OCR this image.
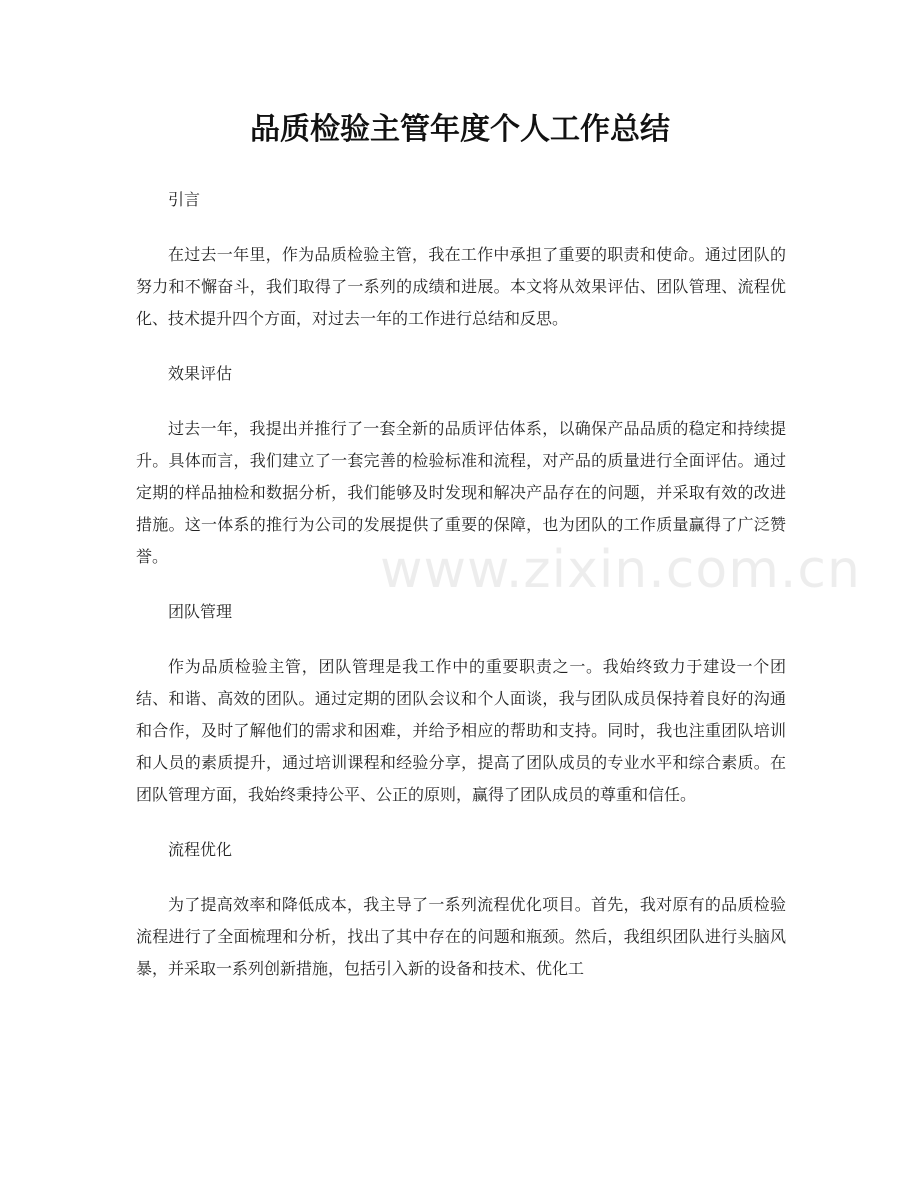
品质检验主管年度个人工作总结

引言

在过去一年里，作为品质检验主管，我在工作中承担了重要的职责和使命。通过团队的努力和不懈奋斗，我们取得了一系列的成绩和进展。本文将从效果评估、团队管理、流程优化、技术提升四个方面，对过去一年的工作进行总结和反思。

效果评估

过去一年，我提出并推行了一套全新的品质评估体系，以确保产品品质的稳定和持续提升。具体而言，我们建立了一套完善的检验标准和流程，对产品的质量进行全面评估。通过定期的样品抽检和数据分析，我们能够及时发现和解决产品存在的问题，并采取有效的改进措施。这一体系的推行为公司的发展提供了重要的保障，也为团队的工作质量赢得了广泛赞誉。

团队管理

作为品质检验主管，团队管理是我工作中的重要职责之一。我始终致力于建设一个团结、和谐、高效的团队。通过定期的团队会议和个人面谈，我与团队成员保持着良好的沟通和合作，及时了解他们的需求和困难，并给予相应的帮助和支持。同时，我也注重团队培训和人员的素质提升，通过培训课程和经验分享，提高了团队成员的专业水平和综合素质。在团队管理方面，我始终秉持公平、公正的原则，赢得了团队成员的尊重和信任。

流程优化

为了提高效率和降低成本，我主导了一系列流程优化项目。首先，我对原有的品质检验流程进行了全面梳理和分析，找出了其中存在的问题和瓶颈。然后，我组织团队进行头脑风暴，并采取一系列创新措施，包括引入新的设备和技术、优化工

www.zixin.com.cn
